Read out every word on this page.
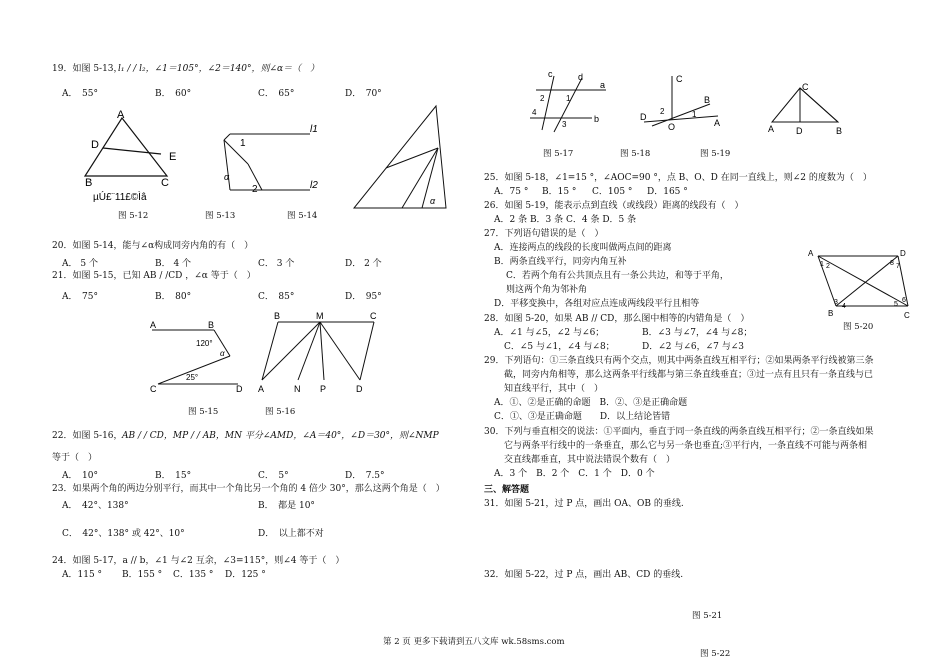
19．如图 5-13，
l₁ / / l₂，∠1＝105°，∠2＝140°，则∠α＝（　）
A．　55°	B．　60°	C．　65°	D．　70°
A
D
E
B	C
µÚ£¨11£©Ìâ
图 5-12
l1
1
α
2	l2
图 5-13	图 5-14
α
20．如图 5-14，能与∠α构成同旁内角的有（　）
A． 5 个	B． 4 个	C． 3 个	D． 2 个
21．如图 5-15，已知 AB / /CD ，∠α 等于（　）
A．　75°	B．　80°	C．　85°	D．　95°
A	B
120°
α
25°
C	D
图 5-15
B	M	C
A	N P	D
图 5-16
22．如图 5-16， AB / / CD，MP / / AB，MN 平分∠AMD，∠A＝40°，∠D＝30°，则∠NMP
等于（　）
A．　10°	B．　15°	C．　5°	D．　7.5°
23．如果两个角的两边分别平行，而其中一个角比另一个角的 4 倍少 30°，那么这两个角是（　）
A．　42°、138°	B．　都是 10°
C．　42°、138° 或 42°、10°	D．　以上都不对
24．如图 5-17，a // b，∠1 与∠2 互余，∠3=115°，则∠4 等于（　）
A．115 ° B．155 ° C．135 ° D．125 °
c	d
a
2	1
4
3
b
图 5-17
C
B
2	1
D
O	A
图 5-18
C
A D	B
图 5-19
25．如图 5-18，∠1=15 °，∠AOC=90 °，点 B、O、D 在同一直线上，则∠2 的度数为（　）
A．75 ° B．15 ° C．105 ° D．165 °
26．如图 5-19，能表示点到直线（或线段）距离的线段有（　）
A．2 条 B．3 条 C．4 条 D．5 条
27．下列语句错误的是（　）
A．连接两点的线段的长度叫做两点间的距离
B．两条直线平行，同旁内角互补
C．若两个角有公共顶点且有一条公共边，和等于平角，
则这两个角为邻补角
D．平移变换中，各组对应点连成两线段平行且相等
A	D
1	8
2	7
3
4	5
6
B	C
图 5-20
28．如图 5-20，如果 AB // CD，那么图中相等的内错角是（　）
A．∠1 与∠5，∠2 与∠6；	B．∠3 与∠7，∠4 与∠8；
C．∠5 与∠1，∠4 与∠8；	D．∠2 与∠6，∠7 与∠3
29．下列语句：①三条直线只有两个交点，则其中两条直线互相平行；②如果两条平行线被第三条
截，同旁内角相等，那么这两条平行线都与第三条直线垂直；③过一点有且只有一条直线与已
知直线平行，其中（　）
A．①、②是正确的命题　B．②、③是正确命题
C．①、③是正确命题　　D．以上结论皆错
30．下列与垂直相交的说法：①平面内，垂直于同一条直线的两条直线互相平行；②一条直线如果
它与两条平行线中的一条垂直，那么它与另一条也垂直;③平行内，一条直线不可能与两条相
交直线都垂直，其中说法错误个数有（　）
A．3 个　B．2 个　C．1 个　D．0 个
三、解答题
31．如图 5-21，过 P 点，画出 OA、OB 的垂线.
32．如图 5-22，过 P 点，画出 AB、CD 的垂线.
图 5-21
图 5-22
第 2 页 更多下载请到五八文库 wk.58sms.com
